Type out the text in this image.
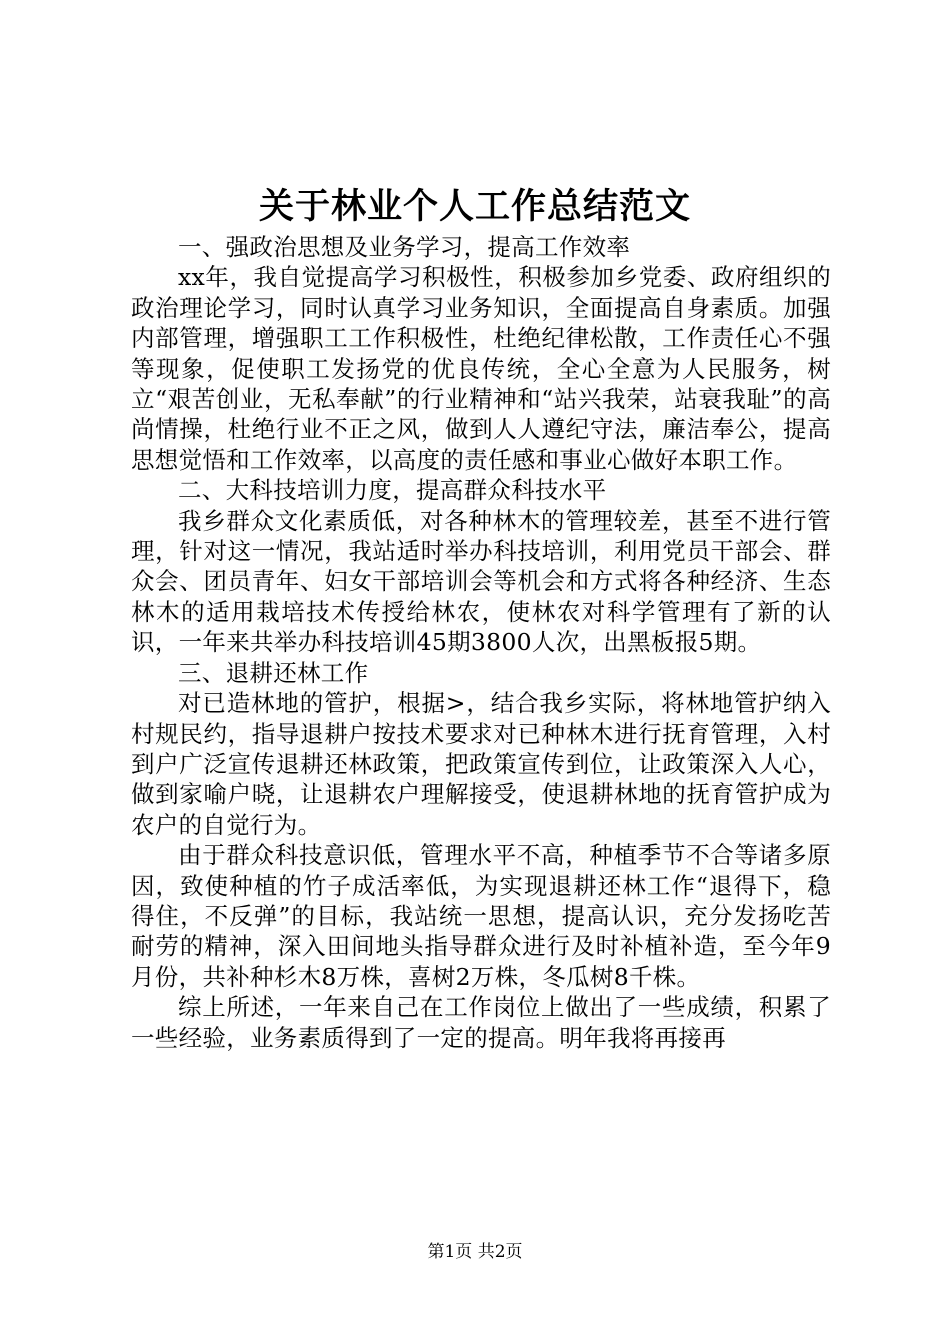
关于林业个人工作总结范文

一、强政治思想及业务学习，提高工作效率

xx年，我自觉提高学习积极性，积极参加乡党委、政府组织的政治理论学习，同时认真学习业务知识，全面提高自身素质。加强内部管理，增强职工工作积极性，杜绝纪律松散，工作责任心不强等现象，促使职工发扬党的优良传统，全心全意为人民服务，树立“艰苦创业，无私奉献”的行业精神和“站兴我荣，站衰我耻”的高尚情操，杜绝行业不正之风，做到人人遵纪守法，廉洁奉公，提高思想觉悟和工作效率，以高度的责任感和事业心做好本职工作。

二、大科技培训力度，提高群众科技水平

我乡群众文化素质低，对各种林木的管理较差，甚至不进行管理，针对这一情况，我站适时举办科技培训，利用党员干部会、群众会、团员青年、妇女干部培训会等机会和方式将各种经济、生态林木的适用栽培技术传授给林农，使林农对科学管理有了新的认识，一年来共举办科技培训45期3800人次，出黑板报5期。

三、退耕还林工作

对已造林地的管护，根据>，结合我乡实际，将林地管护纳入村规民约，指导退耕户按技术要求对已种林木进行抚育管理，入村到户广泛宣传退耕还林政策，把政策宣传到位，让政策深入人心，做到家喻户晓，让退耕农户理解接受，使退耕林地的抚育管护成为农户的自觉行为。

由于群众科技意识低，管理水平不高，种植季节不合等诸多原因，致使种植的竹子成活率低，为实现退耕还林工作“退得下，稳得住，不反弹”的目标，我站统一思想，提高认识，充分发扬吃苦耐劳的精神，深入田间地头指导群众进行及时补植补造，至今年9月份，共补种杉木8万株，喜树2万株，冬瓜树8千株。

综上所述，一年来自己在工作岗位上做出了一些成绩，积累了一些经验，业务素质得到了一定的提高。明年我将再接再

第1页 共2页
